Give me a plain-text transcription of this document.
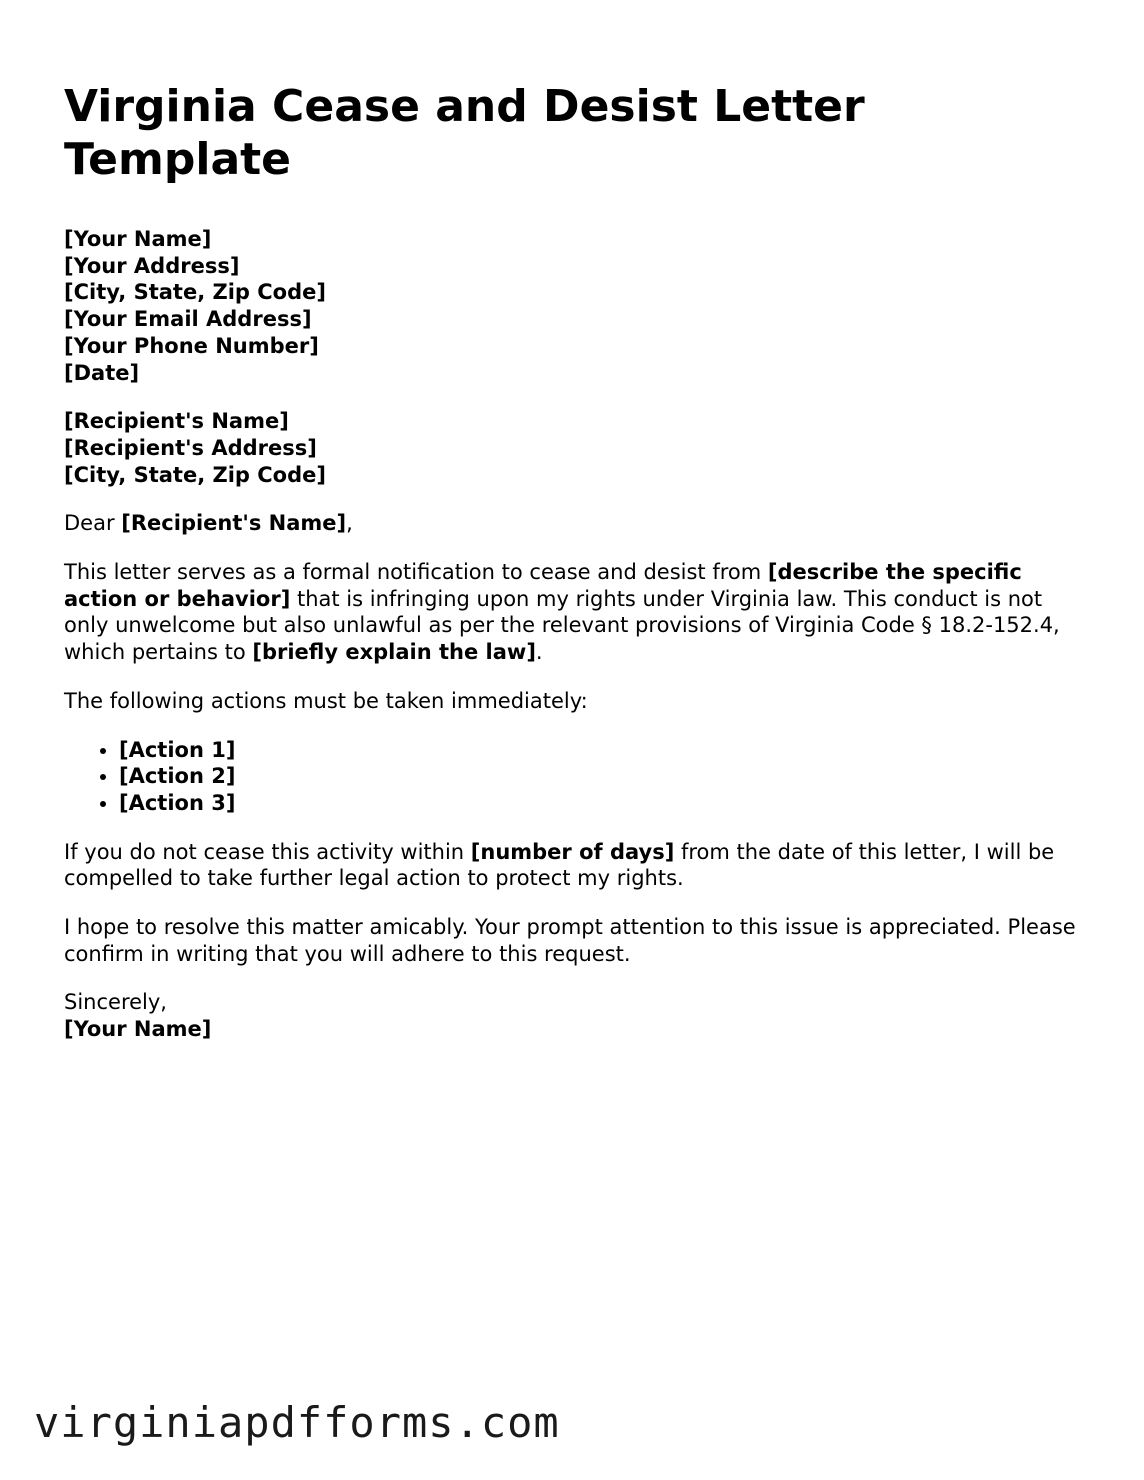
Virginia Cease and Desist Letter Template
[Your Name]
[Your Address]
[City, State, Zip Code]
[Your Email Address]
[Your Phone Number]
[Date]
[Recipient's Name]
[Recipient's Address]
[City, State, Zip Code]
Dear [Recipient's Name],
This letter serves as a formal notification to cease and desist from [describe the specific action or behavior] that is infringing upon my rights under Virginia law. This conduct is not only unwelcome but also unlawful as per the relevant provisions of Virginia Code § 18.2-152.4, which pertains to [briefly explain the law].
The following actions must be taken immediately:
• [Action 1]
• [Action 2]
• [Action 3]
If you do not cease this activity within [number of days] from the date of this letter, I will be compelled to take further legal action to protect my rights.
I hope to resolve this matter amicably. Your prompt attention to this issue is appreciated. Please confirm in writing that you will adhere to this request.
Sincerely,
[Your Name]
virginiapdfforms.com
